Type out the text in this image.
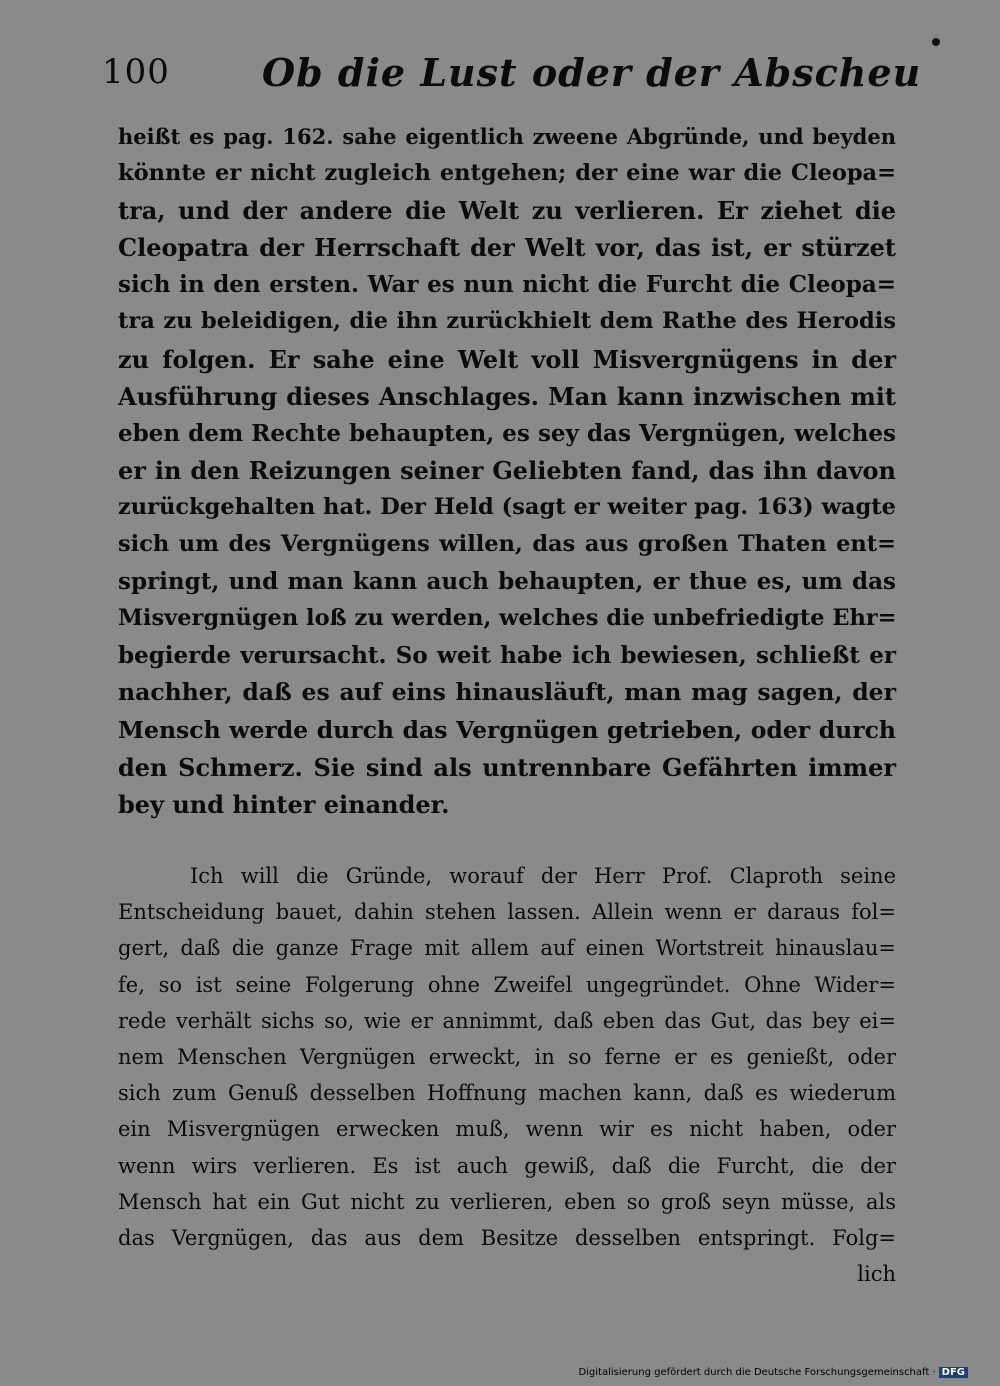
100 Ob die Lust oder der Abscheu
heißt es pag. 162. sahe eigentlich zweene Abgründe, und beyden
könnte er nicht zugleich entgehen; der eine war die Cleopa=
tra, und der andere die Welt zu verlieren. Er ziehet die
Cleopatra der Herrschaft der Welt vor, das ist, er stürzet
sich in den ersten. War es nun nicht die Furcht die Cleopa=
tra zu beleidigen, die ihn zurückhielt dem Rathe des Herodis
zu folgen. Er sahe eine Welt voll Misvergnügens in der
Ausführung dieses Anschlages. Man kann inzwischen mit
eben dem Rechte behaupten, es sey das Vergnügen, welches
er in den Reizungen seiner Geliebten fand, das ihn davon
zurückgehalten hat. Der Held (sagt er weiter pag. 163) wagte
sich um des Vergnügens willen, das aus großen Thaten ent=
springt, und man kann auch behaupten, er thue es, um das
Misvergnügen loß zu werden, welches die unbefriedigte Ehr=
begierde verursacht. So weit habe ich bewiesen, schließt er
nachher, daß es auf eins hinausläuft, man mag sagen, der
Mensch werde durch das Vergnügen getrieben, oder durch
den Schmerz. Sie sind als untrennbare Gefährten immer
bey und hinter einander.
Ich will die Gründe, worauf der Herr Prof. Claproth seine
Entscheidung bauet, dahin stehen lassen. Allein wenn er daraus fol=
gert, daß die ganze Frage mit allem auf einen Wortstreit hinauslau=
fe, so ist seine Folgerung ohne Zweifel ungegründet. Ohne Wider=
rede verhält sichs so, wie er annimmt, daß eben das Gut, das bey ei=
nem Menschen Vergnügen erweckt, in so ferne er es genießt, oder
sich zum Genuß desselben Hoffnung machen kann, daß es wiederum
ein Misvergnügen erwecken muß, wenn wir es nicht haben, oder
wenn wirs verlieren. Es ist auch gewiß, daß die Furcht, die der
Mensch hat ein Gut nicht zu verlieren, eben so groß seyn müsse, als
das Vergnügen, das aus dem Besitze desselben entspringt. Folg=
lich
Digitalisierung gefördert durch die Deutsche Forschungsgemeinschaft · DFG
